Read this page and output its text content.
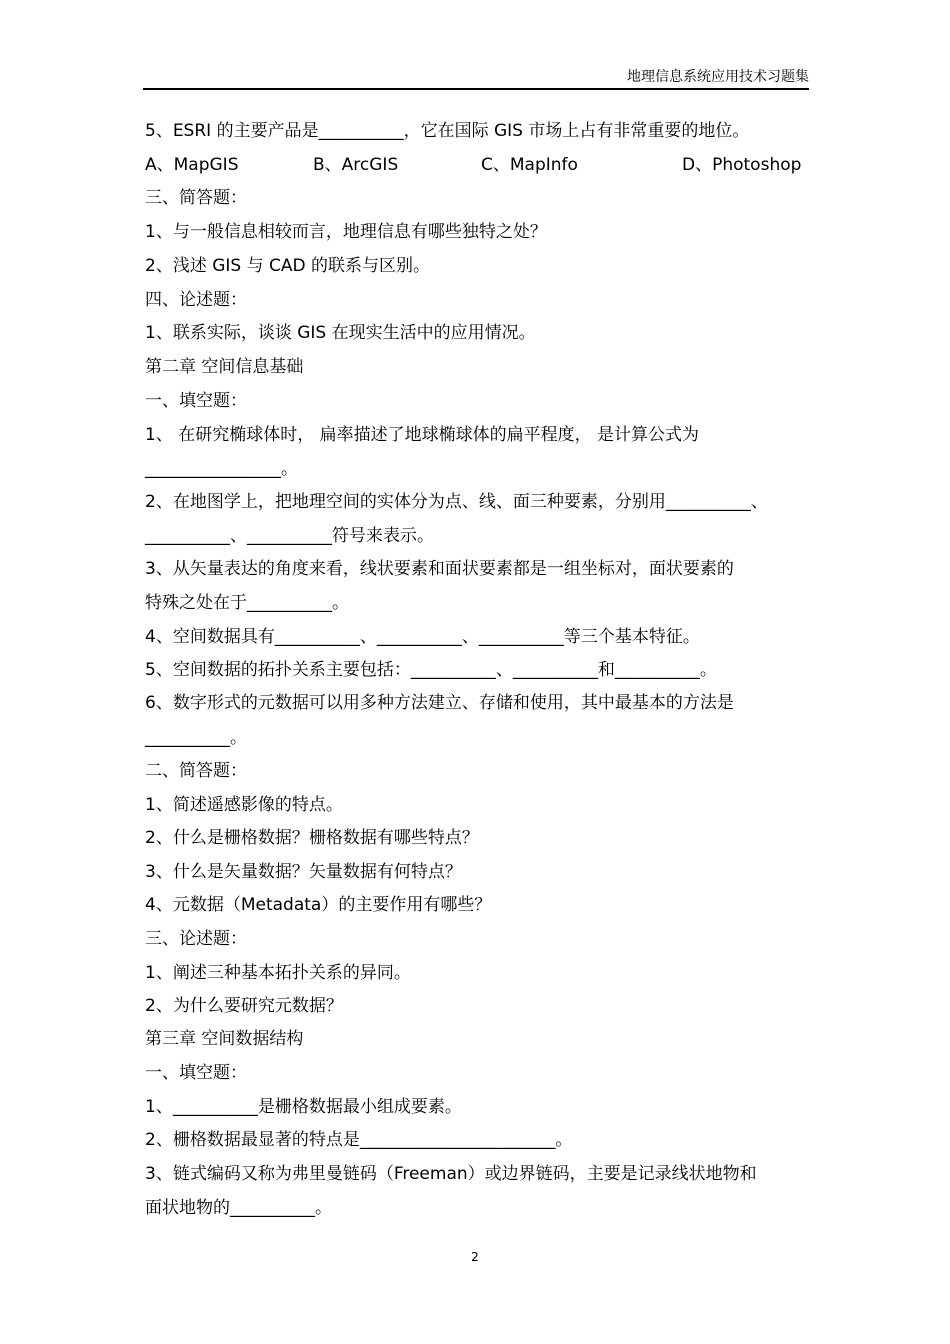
地理信息系统应用技术习题集
5、ESRI 的主要产品是__________，它在国际 GIS 市场上占有非常重要的地位。
A、MapGIS	B、ArcGIS	C、MapInfo	D、Photoshop
三、简答题：
1、与一般信息相较而言，地理信息有哪些独特之处？
2、浅述 GIS 与 CAD 的联系与区别。
四、论述题：
1、联系实际，谈谈 GIS 在现实生活中的应用情况。
第二章 空间信息基础
一、填空题：
1、 在研究椭球体时， 扁率描述了地球椭球体的扁平程度， 是计算公式为
________________。
2、在地图学上，把地理空间的实体分为点、线、面三种要素，分别用__________、
__________、__________符号来表示。
3、从矢量表达的角度来看，线状要素和面状要素都是一组坐标对，面状要素的
特殊之处在于__________。
4、空间数据具有__________、__________、__________等三个基本特征。
5、空间数据的拓扑关系主要包括：__________、__________和__________。
6、数字形式的元数据可以用多种方法建立、存储和使用，其中最基本的方法是
__________。
二、简答题：
1、简述遥感影像的特点。
2、什么是栅格数据？栅格数据有哪些特点？
3、什么是矢量数据？矢量数据有何特点？
4、元数据（Metadata）的主要作用有哪些？
三、论述题：
1、阐述三种基本拓扑关系的异同。
2、为什么要研究元数据？
第三章 空间数据结构
一、填空题：
1、__________是栅格数据最小组成要素。
2、栅格数据最显著的特点是_______________________。
3、链式编码又称为弗里曼链码（Freeman）或边界链码，主要是记录线状地物和
面状地物的__________。
2
